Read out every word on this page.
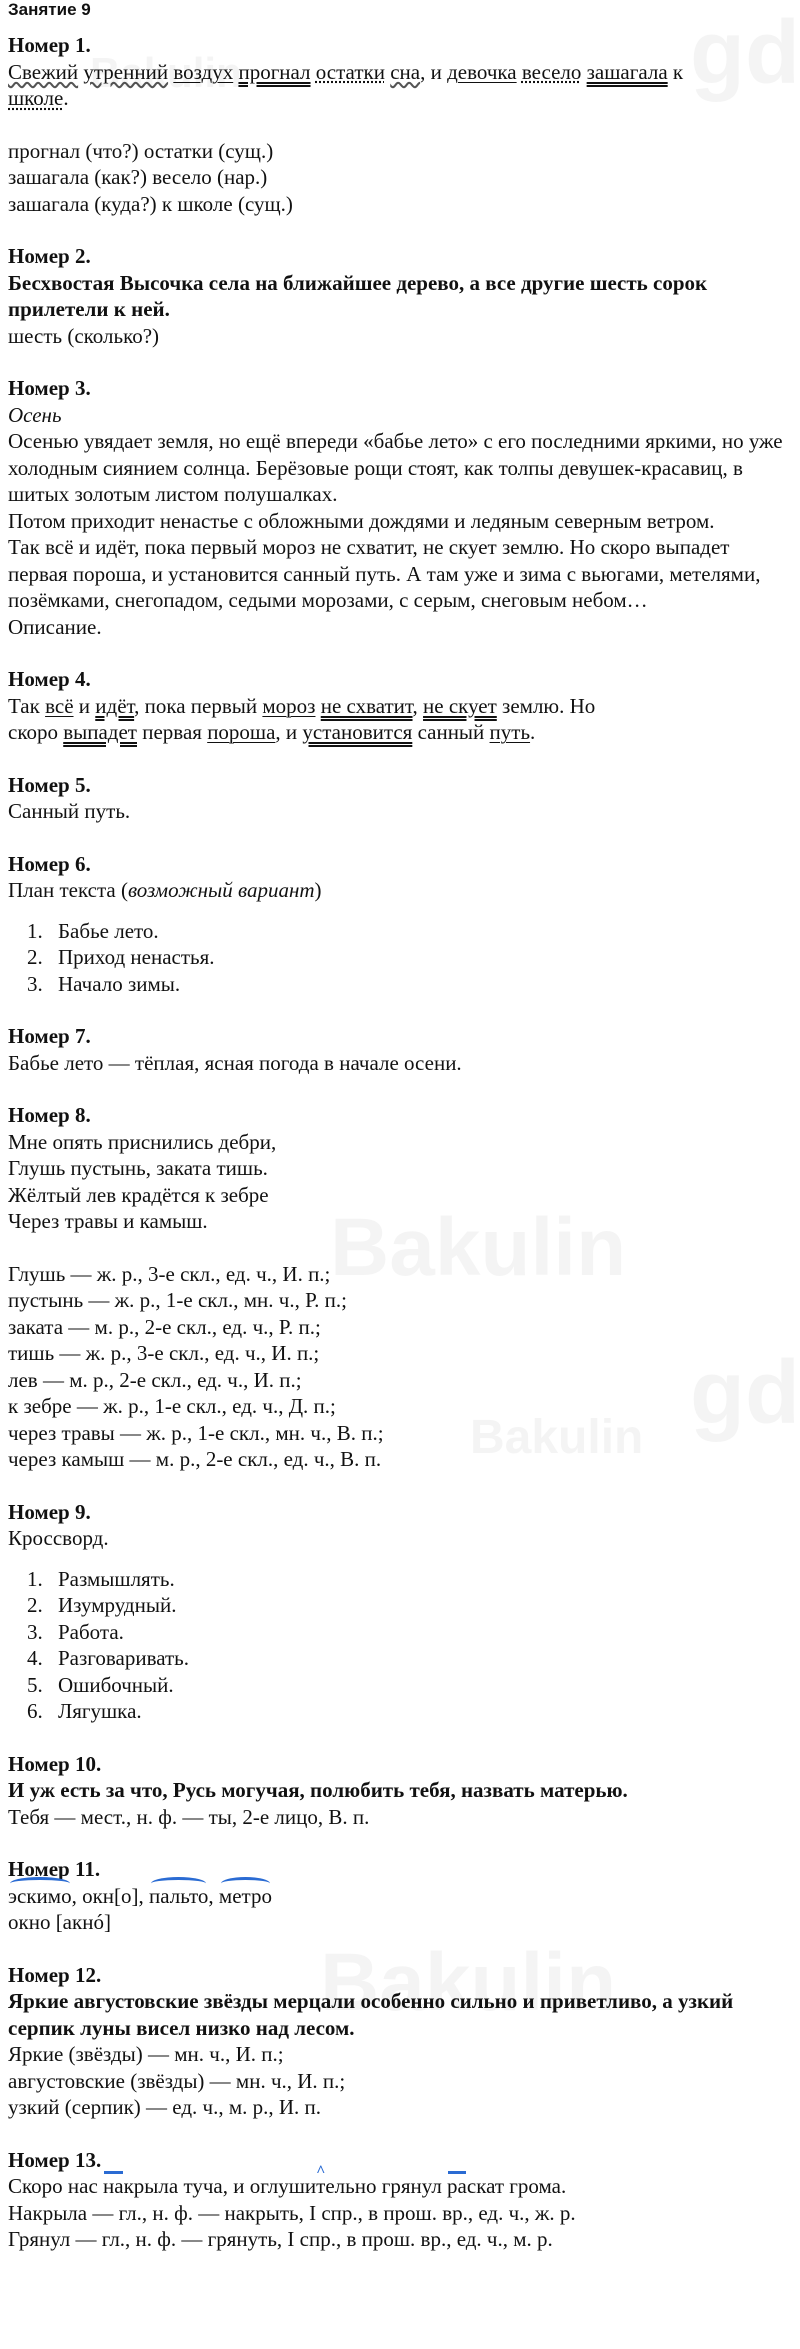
Занятие 9
Номер 1.

Свежий утренний воздух прогнал остатки сна, и девочка весело зашагала к
школе.

прогнал (что?) остатки (сущ.)

зашагала (как?) весело (нар.)

зашагала (куда?) к школе (сущ.)

Номер 2.

Бесхвостая Высочка села на ближайшее дерево, а все другие шесть сорок прилетели к ней.

шесть (сколько?)

Номер 3.

Осень

Осенью увядает земля, но ещё впереди «бабье лето» с его последними яркими, но уже холодным сиянием солнца. Берёзовые рощи стоят, как толпы девушек-красавиц, в шитых золотым листом полушалках.

Потом приходит ненастье с обложными дождями и ледяным северным ветром.

Так всё и идёт, пока первый мороз не схватит, не скует землю. Но скоро выпадет первая пороша, и установится санный путь. А там уже и зима с вьюгами, метелями, позёмками, снегопадом, седыми морозами, с серым, снеговым небом…

Описание.

Номер 4.

Так всё и идёт, пока первый мороз не схватит, не скует землю. Но
скоро выпадет первая пороша, и установится санный путь.

Номер 5.

Санный путь.

Номер 6.

План текста (возможный вариант)

1. Бабье лето.
2. Приход ненастья.
3. Начало зимы.
Номер 7.

Бабье лето — тёплая, ясная погода в начале осени.

Номер 8.

Мне опять приснились дебри,

Глушь пустынь, заката тишь.

Жёлтый лев крадётся к зебре

Через травы и камыш.

Глушь — ж. р., 3-е скл., ед. ч., И. п.;

пустынь — ж. р., 1-е скл., мн. ч., Р. п.;

заката — м. р., 2-е скл., ед. ч., Р. п.;

тишь — ж. р., 3-е скл., ед. ч., И. п.;

лев — м. р., 2-е скл., ед. ч., И. п.;

к зебре — ж. р., 1-е скл., ед. ч., Д. п.;

через травы — ж. р., 1-е скл., мн. ч., В. п.;

через камыш — м. р., 2-е скл., ед. ч., В. п.

Номер 9.

Кроссворд.

1. Размышлять.
2. Изумрудный.
3. Работа.
4. Разговаривать.
5. Ошибочный.
6. Лягушка.
Номер 10.

И уж есть за что, Русь могучая, полюбить тебя, назвать матерью.

Тебя — мест., н. ф. — ты, 2-е лицо, В. п.

Номер 11.

эскимо, окн[о], пальто, метро

окно [акнó]

Номер 12.

Яркие августовские звёзды мерцали особенно сильно и приветливо, а узкий серпик луны висел низко над лесом.

Яркие (звёзды) — мн. ч., И. п.;

августовские (звёзды) — мн. ч., И. п.;

узкий (серпик) — ед. ч., м. р., И. п.

Номер 13.

Скоро нас накрыла туча, и оглуши^ тельно грянул раскат грома.

Накрыла — гл., н. ф. — накрыть, I спр., в прош. вр., ед. ч., ж. р.

Грянул — гл., н. ф. — грянуть, I спр., в прош. вр., ед. ч., м. р.
